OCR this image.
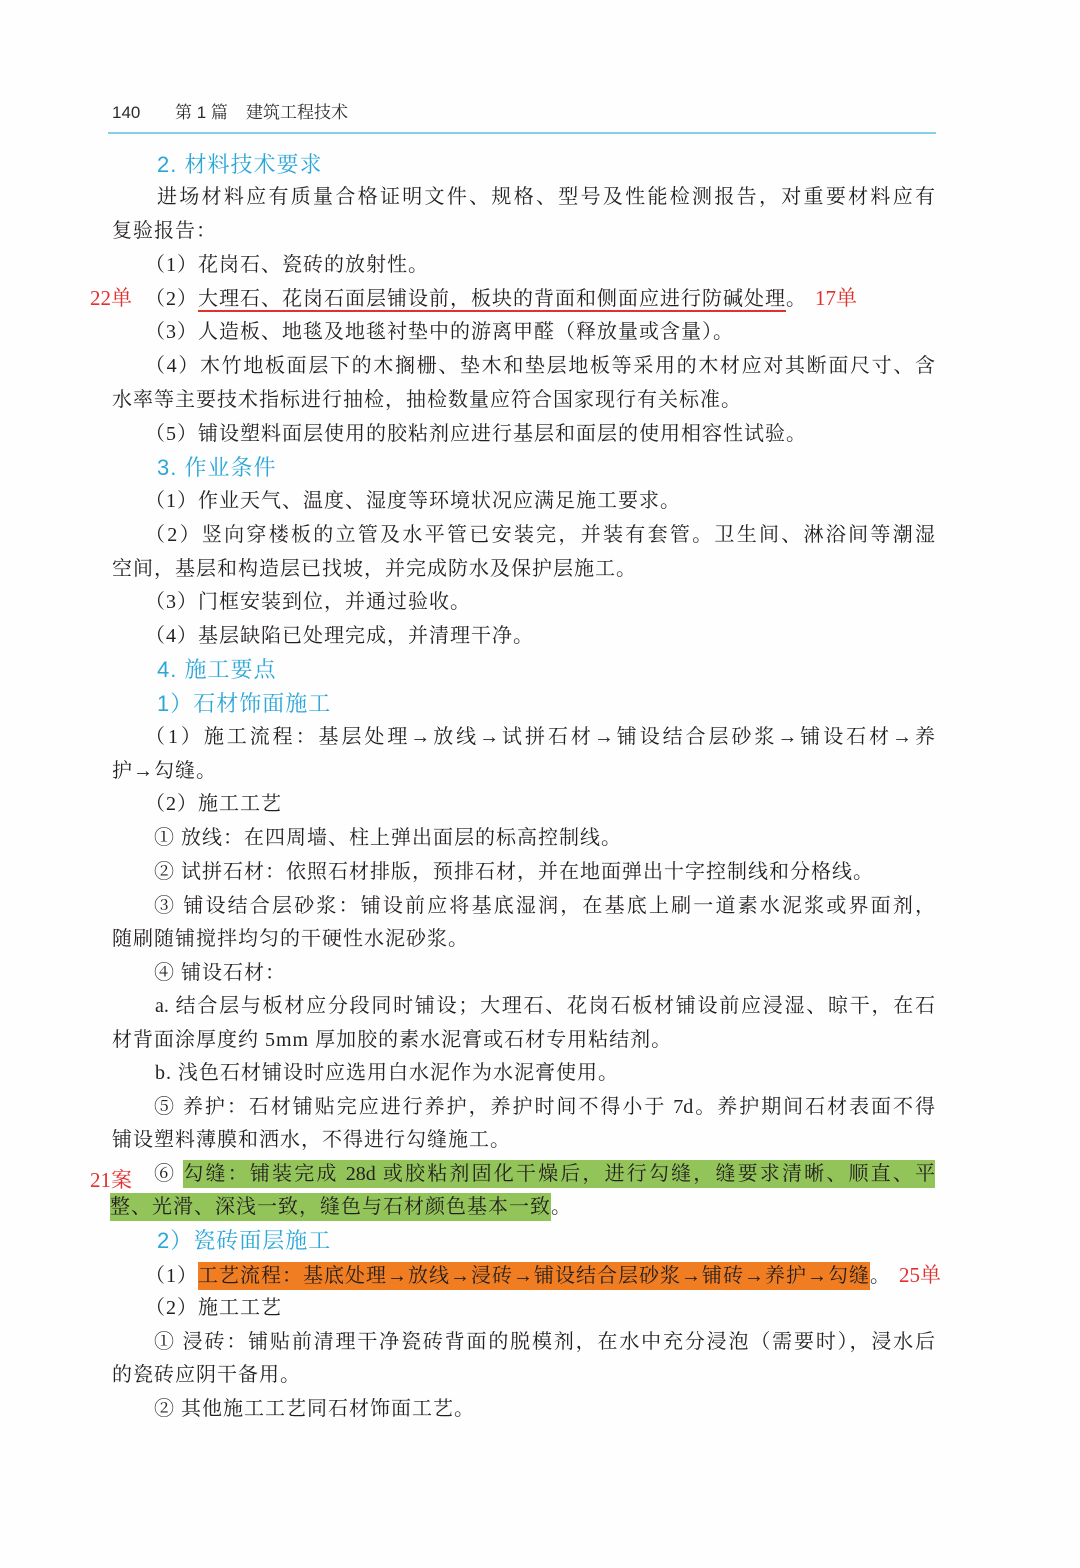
140 第 1 篇 建筑工程技术
2. 材料技术要求
进场材料应有质量合格证明文件、规格、型号及性能检测报告，对重要材料应有
复验报告：
（1）花岗石、瓷砖的放射性。
22单 （2）大理石、花岗石面层铺设前，板块的背面和侧面应进行防碱处理。 17单
（3）人造板、地毯及地毯衬垫中的游离甲醛（释放量或含量）。
（4）木竹地板面层下的木搁栅、垫木和垫层地板等采用的木材应对其断面尺寸、含
水率等主要技术指标进行抽检，抽检数量应符合国家现行有关标准。
（5）铺设塑料面层使用的胶粘剂应进行基层和面层的使用相容性试验。
3. 作业条件
（1）作业天气、温度、湿度等环境状况应满足施工要求。
（2）竖向穿楼板的立管及水平管已安装完，并装有套管。卫生间、淋浴间等潮湿
空间，基层和构造层已找坡，并完成防水及保护层施工。
（3）门框安装到位，并通过验收。
（4）基层缺陷已处理完成，并清理干净。
4. 施工要点
1）石材饰面施工
（1）施工流程：基层处理→放线→试拼石材→铺设结合层砂浆→铺设石材→养
护→勾缝。
（2）施工工艺
① 放线：在四周墙、柱上弹出面层的标高控制线。
② 试拼石材：依照石材排版，预排石材，并在地面弹出十字控制线和分格线。
③ 铺设结合层砂浆：铺设前应将基底湿润，在基底上刷一道素水泥浆或界面剂，
随刷随铺搅拌均匀的干硬性水泥砂浆。
④ 铺设石材：
a. 结合层与板材应分段同时铺设；大理石、花岗石板材铺设前应浸湿、晾干，在石
材背面涂厚度约 5mm 厚加胶的素水泥膏或石材专用粘结剂。
b. 浅色石材铺设时应选用白水泥作为水泥膏使用。
⑤ 养护：石材铺贴完应进行养护，养护时间不得小于 7d。养护期间石材表面不得
铺设塑料薄膜和洒水，不得进行勾缝施工。
21案 ⑥ 勾缝：铺装完成 28d 或胶粘剂固化干燥后，进行勾缝，缝要求清晰、顺直、平
整、光滑、深浅一致，缝色与石材颜色基本一致。
2）瓷砖面层施工
（1）工艺流程：基底处理→放线→浸砖→铺设结合层砂浆→铺砖→养护→勾缝。 25单
（2）施工工艺
① 浸砖：铺贴前清理干净瓷砖背面的脱模剂，在水中充分浸泡（需要时），浸水后
的瓷砖应阴干备用。
② 其他施工工艺同石材饰面工艺。
